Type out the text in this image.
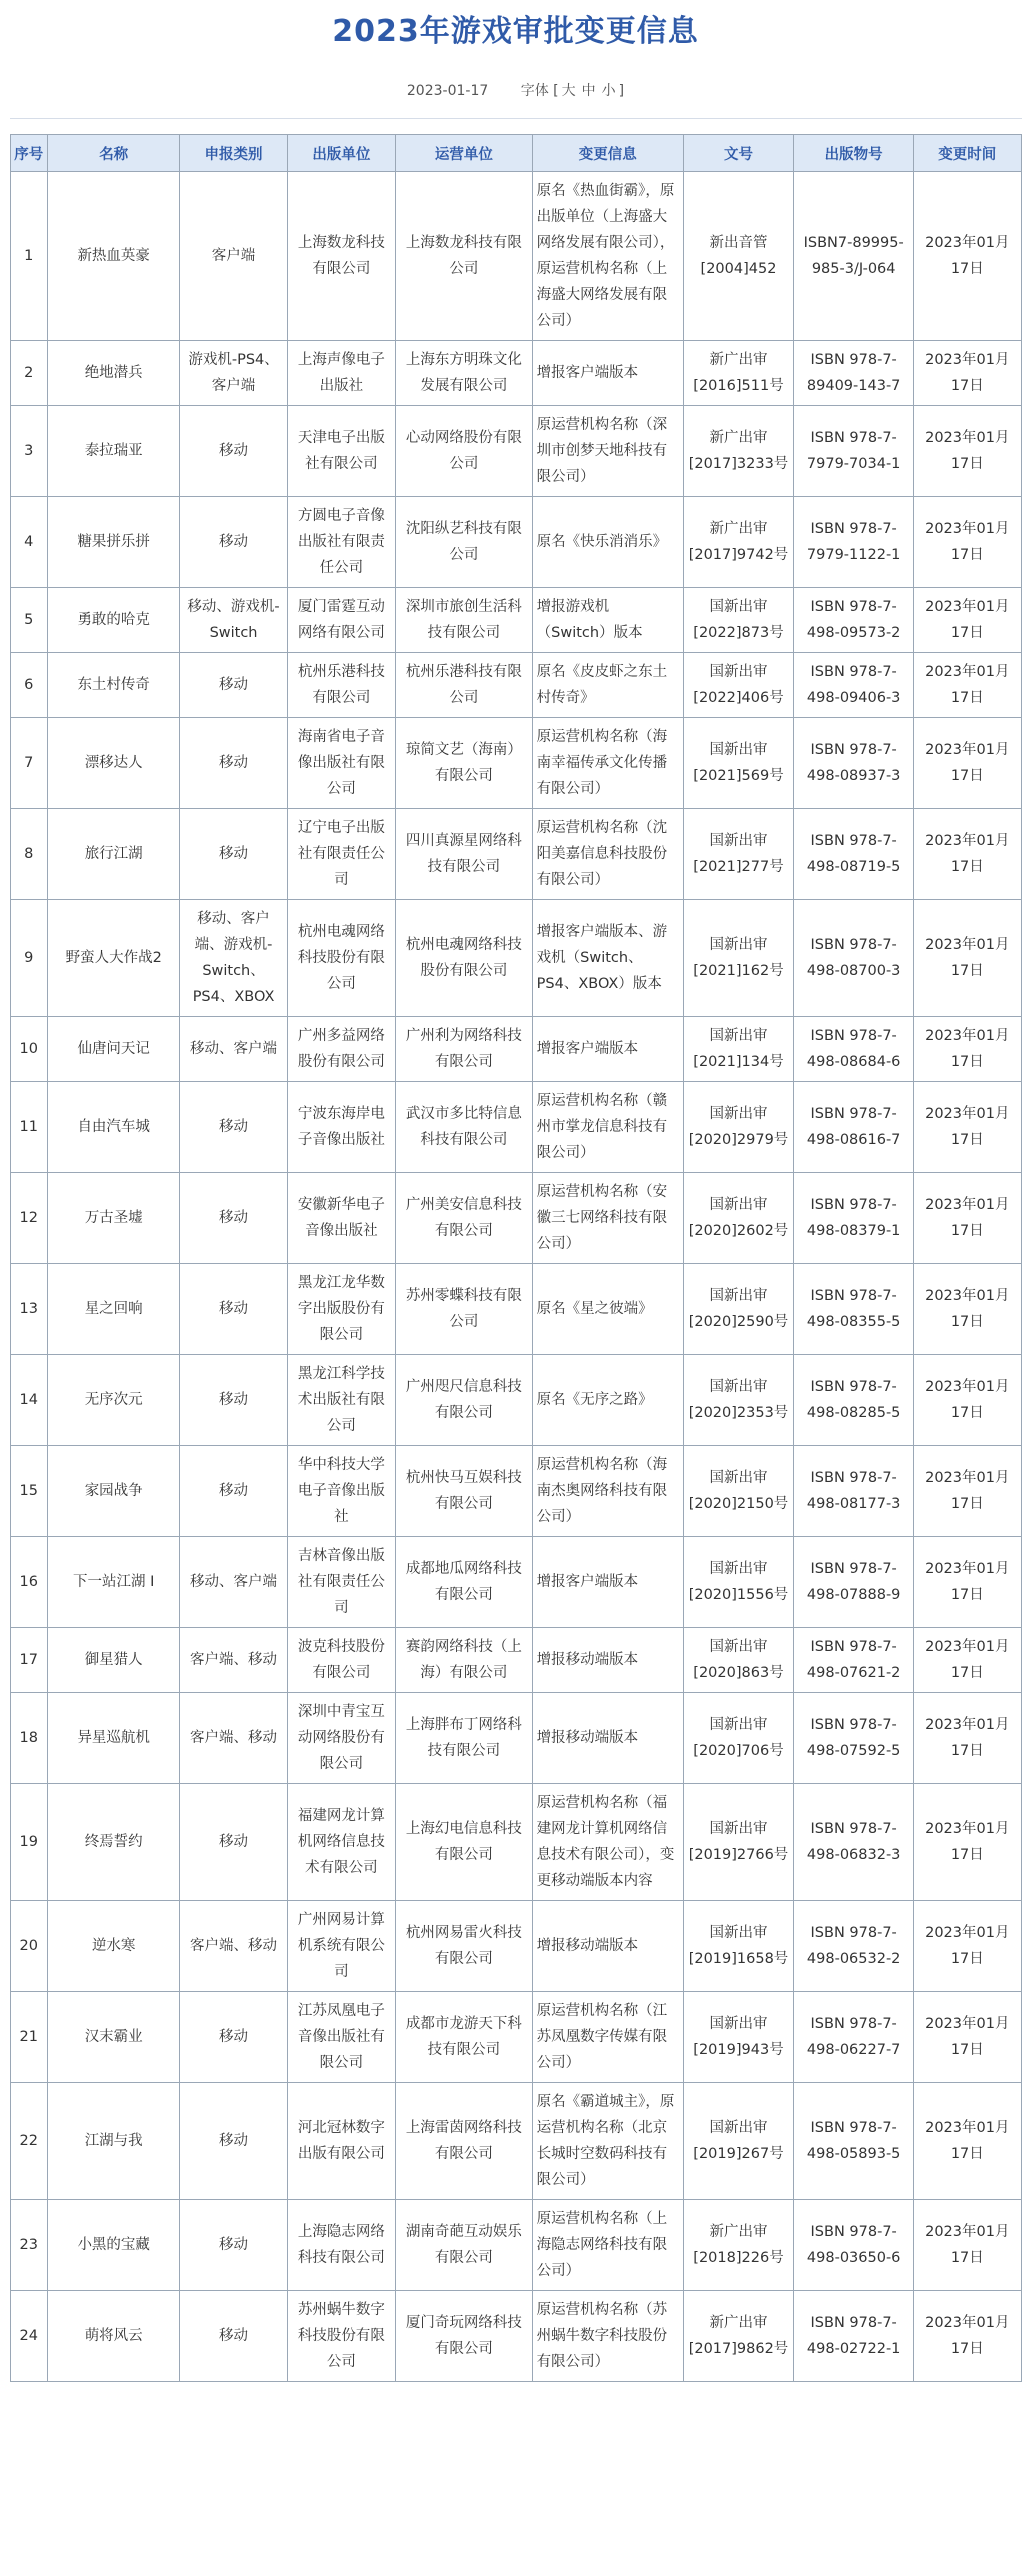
2023年游戏审批变更信息
2023-01-17 字体 [ 大 中 小 ]
序号	名称	申报类别	出版单位	运营单位	变更信息	文号	出版物号	变更时间
1	新热血英豪	客户端	上海数龙科技有限公司	上海数龙科技有限公司	原名《热血街霸》，原出版单位（上海盛大网络发展有限公司），原运营机构名称（上海盛大网络发展有限公司）	新出音管[2004]452	ISBN7-89995-985-3/J-064	2023年01月17日
2	绝地潜兵	游戏机-PS4、客户端	上海声像电子出版社	上海东方明珠文化发展有限公司	增报客户端版本	新广出审[2016]511号	ISBN 978-7-89409-143-7	2023年01月17日
3	泰拉瑞亚	移动	天津电子出版社有限公司	心动网络股份有限公司	原运营机构名称（深圳市创梦天地科技有限公司）	新广出审[2017]3233号	ISBN 978-7-7979-7034-1	2023年01月17日
4	糖果拼乐拼	移动	方圆电子音像出版社有限责任公司	沈阳纵艺科技有限公司	原名《快乐消消乐》	新广出审[2017]9742号	ISBN 978-7-7979-1122-1	2023年01月17日
5	勇敢的哈克	移动、游戏机-Switch	厦门雷霆互动网络有限公司	深圳市旅创生活科技有限公司	增报游戏机（Switch）版本	国新出审[2022]873号	ISBN 978-7-498-09573-2	2023年01月17日
6	东土村传奇	移动	杭州乐港科技有限公司	杭州乐港科技有限公司	原名《皮皮虾之东土村传奇》	国新出审[2022]406号	ISBN 978-7-498-09406-3	2023年01月17日
7	漂移达人	移动	海南省电子音像出版社有限公司	琼简文艺（海南）有限公司	原运营机构名称（海南幸福传承文化传播有限公司）	国新出审[2021]569号	ISBN 978-7-498-08937-3	2023年01月17日
8	旅行江湖	移动	辽宁电子出版社有限责任公司	四川真源星网络科技有限公司	原运营机构名称（沈阳美嘉信息科技股份有限公司）	国新出审[2021]277号	ISBN 978-7-498-08719-5	2023年01月17日
9	野蛮人大作战2	移动、客户端、游戏机-Switch、PS4、XBOX	杭州电魂网络科技股份有限公司	杭州电魂网络科技股份有限公司	增报客户端版本、游戏机（Switch、PS4、XBOX）版本	国新出审[2021]162号	ISBN 978-7-498-08700-3	2023年01月17日
10	仙唐问天记	移动、客户端	广州多益网络股份有限公司	广州利为网络科技有限公司	增报客户端版本	国新出审[2021]134号	ISBN 978-7-498-08684-6	2023年01月17日
11	自由汽车城	移动	宁波东海岸电子音像出版社	武汉市多比特信息科技有限公司	原运营机构名称（赣州市掌龙信息科技有限公司）	国新出审[2020]2979号	ISBN 978-7-498-08616-7	2023年01月17日
12	万古圣墟	移动	安徽新华电子音像出版社	广州美安信息科技有限公司	原运营机构名称（安徽三七网络科技有限公司）	国新出审[2020]2602号	ISBN 978-7-498-08379-1	2023年01月17日
13	星之回响	移动	黑龙江龙华数字出版股份有限公司	苏州零蝶科技有限公司	原名《星之彼端》	国新出审[2020]2590号	ISBN 978-7-498-08355-5	2023年01月17日
14	无序次元	移动	黑龙江科学技术出版社有限公司	广州咫尺信息科技有限公司	原名《无序之路》	国新出审[2020]2353号	ISBN 978-7-498-08285-5	2023年01月17日
15	家园战争	移动	华中科技大学电子音像出版社	杭州快马互娱科技有限公司	原运营机构名称（海南杰奥网络科技有限公司）	国新出审[2020]2150号	ISBN 978-7-498-08177-3	2023年01月17日
16	下一站江湖 I	移动、客户端	吉林音像出版社有限责任公司	成都地瓜网络科技有限公司	增报客户端版本	国新出审[2020]1556号	ISBN 978-7-498-07888-9	2023年01月17日
17	御星猎人	客户端、移动	波克科技股份有限公司	赛韵网络科技（上海）有限公司	增报移动端版本	国新出审[2020]863号	ISBN 978-7-498-07621-2	2023年01月17日
18	异星巡航机	客户端、移动	深圳中青宝互动网络股份有限公司	上海胖布丁网络科技有限公司	增报移动端版本	国新出审[2020]706号	ISBN 978-7-498-07592-5	2023年01月17日
19	终焉誓约	移动	福建网龙计算机网络信息技术有限公司	上海幻电信息科技有限公司	原运营机构名称（福建网龙计算机网络信息技术有限公司），变更移动端版本内容	国新出审[2019]2766号	ISBN 978-7-498-06832-3	2023年01月17日
20	逆水寒	客户端、移动	广州网易计算机系统有限公司	杭州网易雷火科技有限公司	增报移动端版本	国新出审[2019]1658号	ISBN 978-7-498-06532-2	2023年01月17日
21	汉末霸业	移动	江苏凤凰电子音像出版社有限公司	成都市龙游天下科技有限公司	原运营机构名称（江苏凤凰数字传媒有限公司）	国新出审[2019]943号	ISBN 978-7-498-06227-7	2023年01月17日
22	江湖与我	移动	河北冠林数字出版有限公司	上海雷茵网络科技有限公司	原名《霸道城主》，原运营机构名称（北京长城时空数码科技有限公司）	国新出审[2019]267号	ISBN 978-7-498-05893-5	2023年01月17日
23	小黑的宝藏	移动	上海隐志网络科技有限公司	湖南奇葩互动娱乐有限公司	原运营机构名称（上海隐志网络科技有限公司）	新广出审[2018]226号	ISBN 978-7-498-03650-6	2023年01月17日
24	萌将风云	移动	苏州蜗牛数字科技股份有限公司	厦门奇玩网络科技有限公司	原运营机构名称（苏州蜗牛数字科技股份有限公司）	新广出审[2017]9862号	ISBN 978-7-498-02722-1	2023年01月17日
